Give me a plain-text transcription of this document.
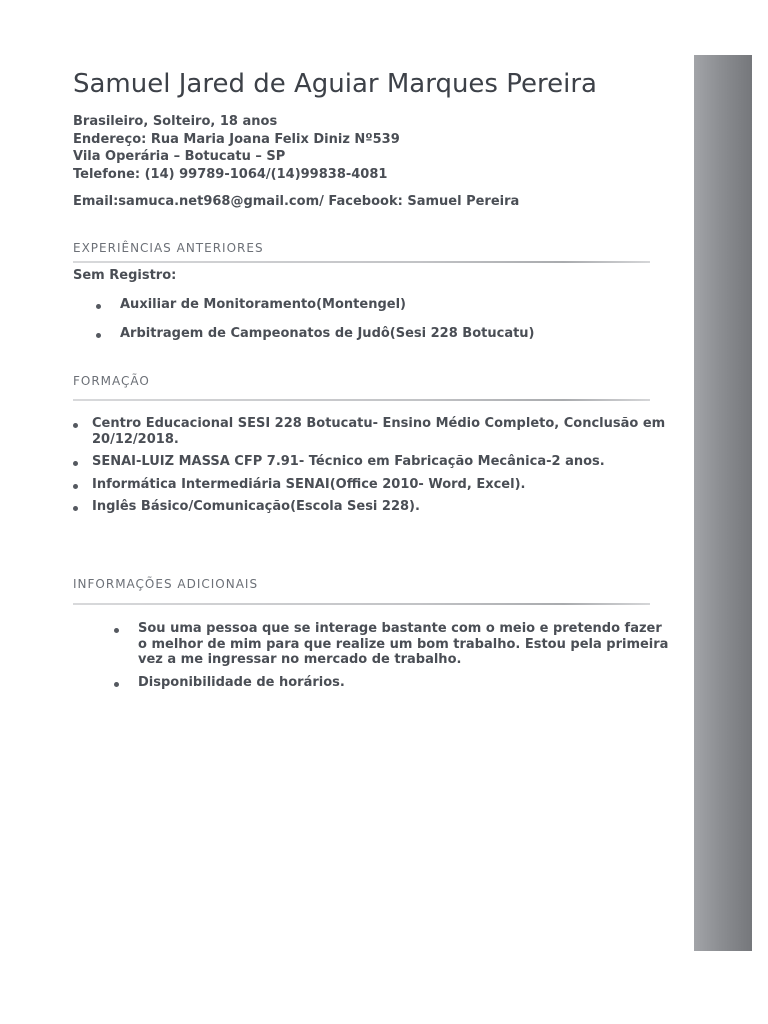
Samuel Jared de Aguiar Marques Pereira
Brasileiro, Solteiro, 18 anos
Endereço: Rua Maria Joana Felix Diniz Nº539
Vila Operária – Botucatu – SP
Telefone: (14) 99789-1064/(14)99838-4081
Email:samuca.net968@gmail.com/ Facebook: Samuel Pereira
EXPERIÊNCIAS ANTERIORES
Sem Registro:
Auxiliar de Monitoramento(Montengel)
Arbitragem de Campeonatos de Judô(Sesi 228 Botucatu)
FORMAÇÃO
Centro Educacional SESI 228 Botucatu- Ensino Médio Completo, Conclusão em 20/12/2018.
SENAI-LUIZ MASSA CFP 7.91- Técnico em Fabricação Mecânica-2 anos.
Informática Intermediária SENAI(Office 2010- Word, Excel).
Inglês Básico/Comunicação(Escola Sesi 228).
INFORMAÇÕES ADICIONAIS
Sou uma pessoa que se interage bastante com o meio e pretendo fazer o melhor de mim para que realize um bom trabalho. Estou pela primeira vez a me ingressar no mercado de trabalho.
Disponibilidade de horários.
